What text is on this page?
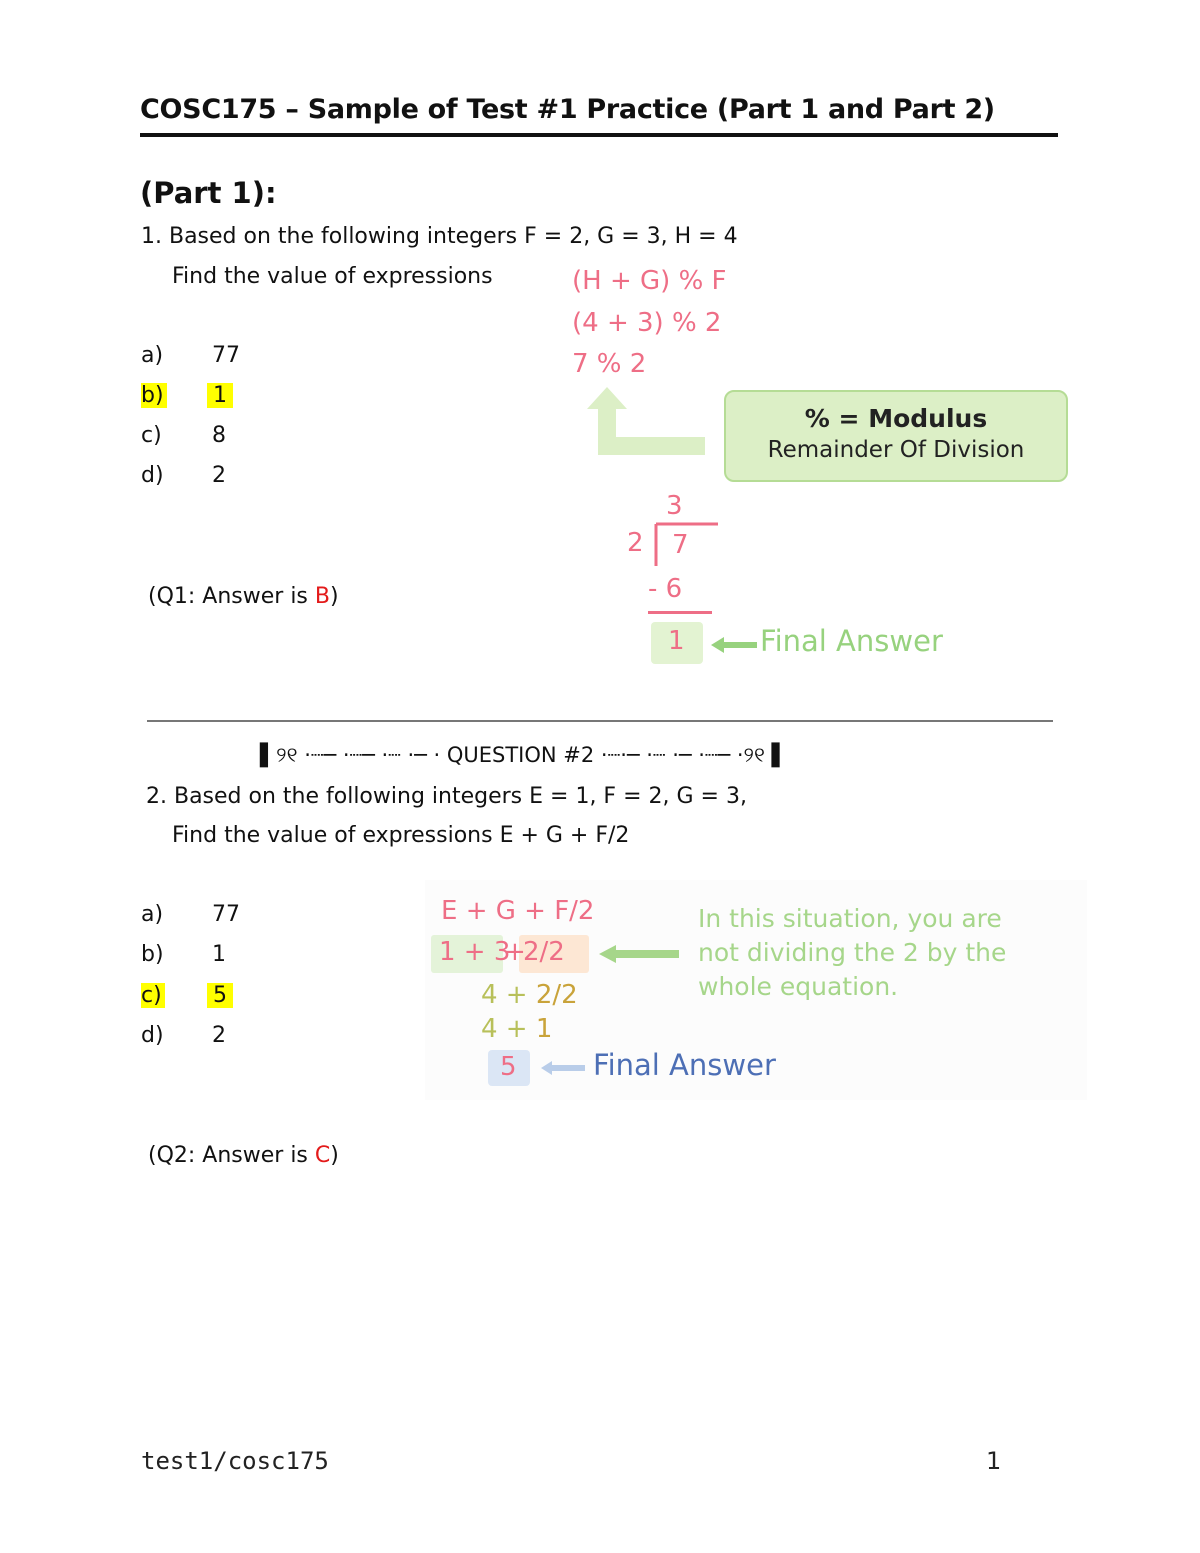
COSC175 – Sample of Test #1 Practice (Part 1 and Part 2)
(Part 1):
1. Based on the following integers F = 2, G = 3, H = 4
Find the value of expressions
a) 77
b) 1
c) 8
d) 2
(Q1: Answer is B)
(H + G) % F
(4 + 3) % 2
7 % 2
% = Modulus
Remainder Of Division
3
2 7
- 6
1	Final Answer
▌୨୧ ·┈─ ·┈─ ·┈ ·─ · QUESTION #2 ·┈·─ ·┈ ·─ ·┈─ ·୨୧ ▌
2. Based on the following integers E = 1, F = 2, G = 3,
Find the value of expressions E + G + F/2
a) 77
b) 1
c) 5
d) 2
(Q2: Answer is C)
E + G + F/2
1 + 3
+
2/2
4 + 2/2
4 + 1
5	Final Answer
In this situation, you are
not dividing the 2 by the
whole equation.
test1/cosc175	1
